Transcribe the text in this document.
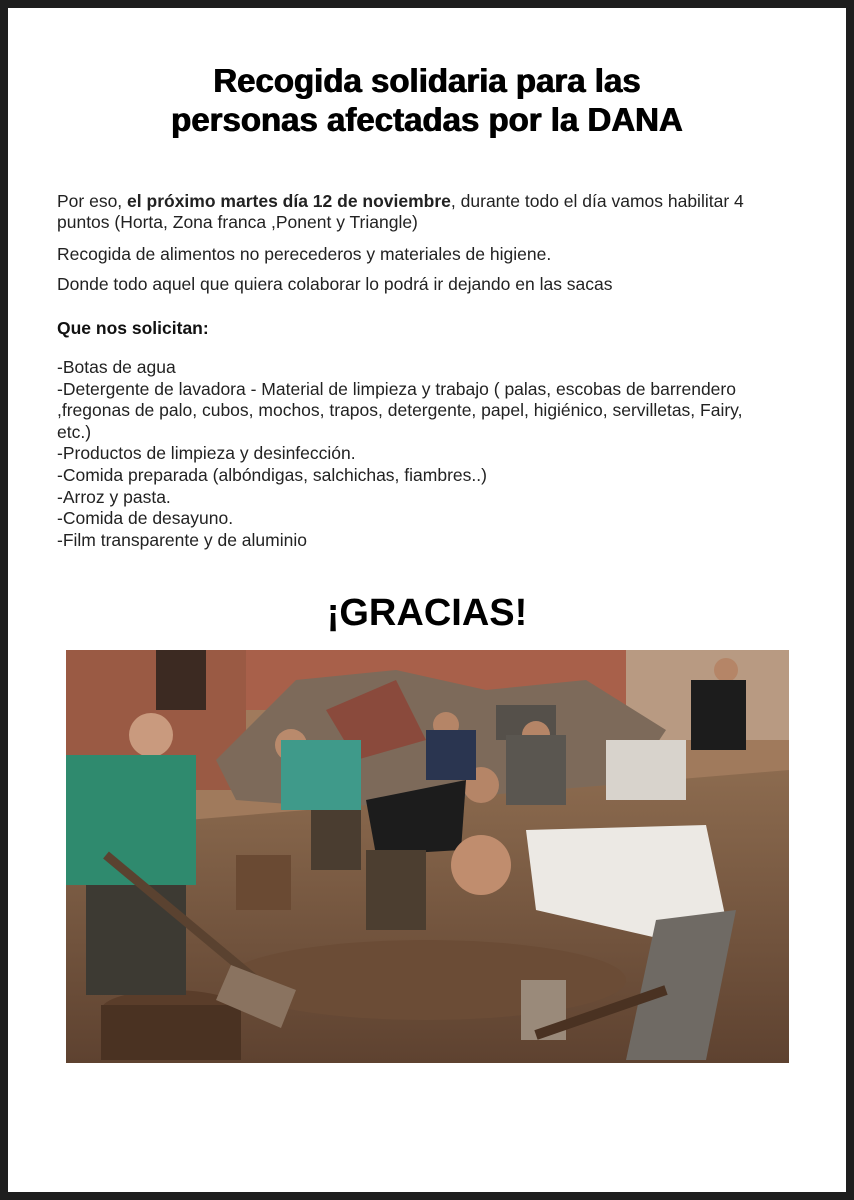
Recogida solidaria para las
personas afectadas por la DANA

Por eso, el próximo martes día 12 de noviembre, durante todo el día vamos habilitar 4 puntos (Horta, Zona franca ,Ponent y Triangle)

Recogida de alimentos no perecederos y materiales de higiene.

Donde todo aquel que quiera colaborar lo podrá ir dejando en las sacas

Que nos solicitan:

-Botas de agua
-Detergente de lavadora - Material de limpieza y trabajo ( palas, escobas de barrendero ,fregonas de palo, cubos, mochos, trapos, detergente, papel, higiénico, servilletas, Fairy, etc.)
-Productos de limpieza y desinfección.
-Comida preparada (albóndigas, salchichas, fiambres..)
-Arroz y pasta.
-Comida de desayuno.
-Film transparente y de aluminio

¡GRACIAS!
